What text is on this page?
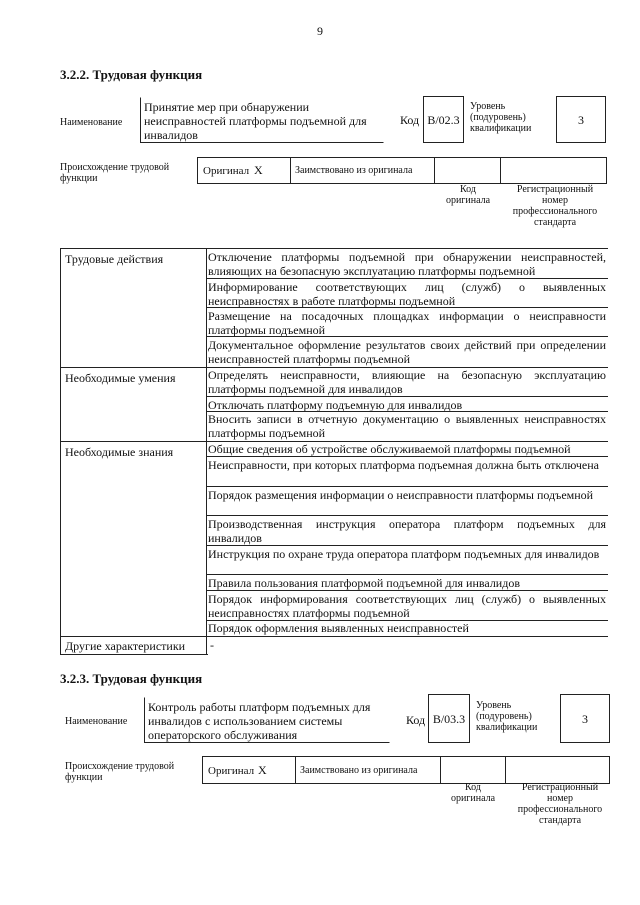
9
3.2.2. Трудовая функция
Наименование
Принятие мер при обнаружении неисправностей платформы подъемной для инвалидов
Код В/02.3
Уровень (подуровень) квалификации
3
Происхождение трудовой функции
Оригинал X	Заимствовано из оригинала
Код оригинала
Регистрационный номер профессионального стандарта
Трудовые действия
Необходимые умения
Необходимые знания
Другие характеристики
Отключение платформы подъемной при обнаружении неисправностей, влияющих на безопасную эксплуатацию платформы подъемной
Информирование соответствующих лиц (служб) о выявленных неисправностях в работе платформы подъемной
Размещение на посадочных площадках информации о неисправности платформы подъемной
Документальное оформление результатов своих действий при определении неисправностей платформы подъемной
Определять неисправности, влияющие на безопасную эксплуатацию платформы подъемной для инвалидов
Отключать платформу подъемную для инвалидов
Вносить записи в отчетную документацию о выявленных неисправностях платформы подъемной
Общие сведения об устройстве обслуживаемой платформы подъемной
Неисправности, при которых платформа подъемная должна быть отключена
Порядок размещения информации о неисправности платформы подъемной
Производственная инструкция оператора платформ подъемных для инвалидов
Инструкция по охране труда оператора платформ подъемных для инвалидов
Правила пользования платформой подъемной для инвалидов
Порядок информирования соответствующих лиц (служб) о выявленных неисправностях платформы подъемной
Порядок оформления выявленных неисправностей
-
3.2.3. Трудовая функция
Наименование
Контроль работы платформ подъемных для инвалидов с использованием системы операторского обслуживания
Код В/03.3
Уровень (подуровень) квалификации
3
Происхождение трудовой функции
Оригинал X	Заимствовано из оригинала
Код оригинала
Регистрационный номер профессионального стандарта
